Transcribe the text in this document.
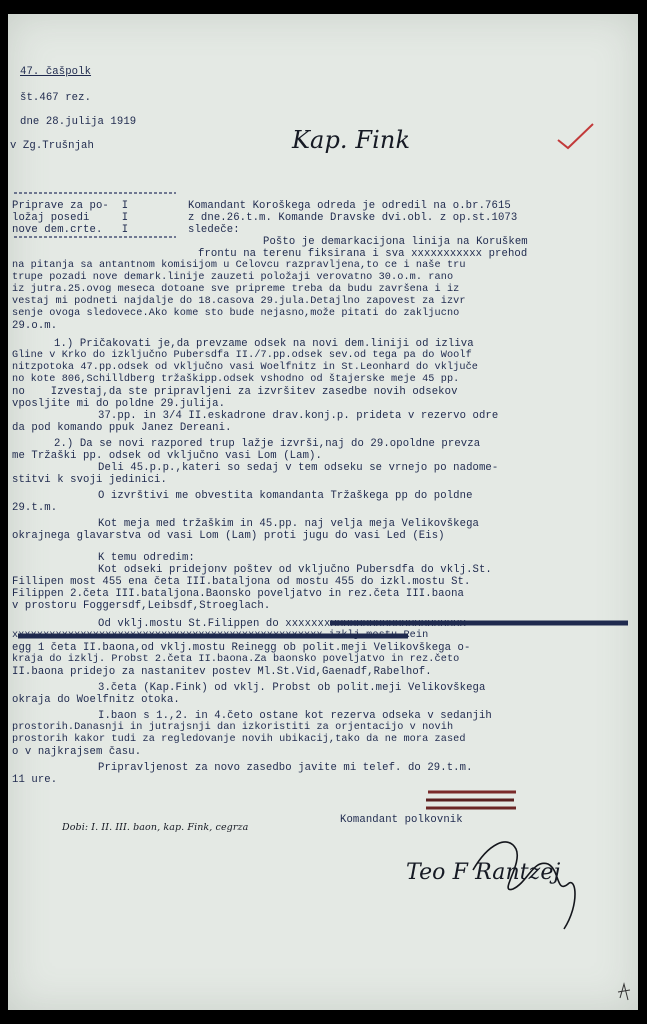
47. čašpolk
št.467 rez.
dne 28.julija 1919
v Zg.Trušnjah	Kap. Fink
Priprave za po-  I
ložaj posedi     I
nove dem.crte.   I
Komandant Koroškega odreda je odredil na o.br.7615
z dne.26.t.m. Komande Dravske dvi.obl. z op.st.1073
sledeče:
Pošto je demarkacijona linija na Koruškem
frontu na terenu fiksirana i sva xxxxxxxxxxx prehod
na pitanja sa antantnom komisijom u Celovcu razpravljena,to ce i naše tru
trupe pozadi nove demark.linije zauzeti položaji verovatno 30.o.m. rano
iz jutra.25.ovog meseca dotoane sve pripreme treba da budu završena i iz
vestaj mi podneti najdalje do 18.casova 29.jula.Detajlno zapovest za izvr
senje ovoga sledovece.Ako kome sto bude nejasno,može pitati do zakljucno
29.o.m.
1.) Pričakovati je,da prevzame odsek na novi dem.liniji od izliva
Gline v Krko do izključno Pubersdfa II./7.pp.odsek sev.od tega pa do Woolf
nitzpotoka 47.pp.odsek od vključno vasi Woelfnitz in St.Leonhard do vključe
no kote 806,Schilldberg tržaškipp.odsek vshodno od štajerske meje 45 pp.
no    Izvestaj,da ste pripravljeni za izvršitev zasedbe novih odsekov
vposljite mi do poldne 29.julija.
37.pp. in 3/4 II.eskadrone drav.konj.p. prideta v rezervo odre
da pod komando ppuk Janez Dereani.
2.) Da se novi razpored trup lažje izvrši,naj do 29.opoldne prevza
me Tržaški pp. odsek od vključno vasi Lom (Lam).
Deli 45.p.p.,kateri so sedaj v tem odseku se vrnejo po nadome-
stitvi k svoji jedinici.
O izvrštivi me obvestita komandanta Tržaškega pp do poldne
29.t.m.
Kot meja med tržaškim in 45.pp. naj velja meja Velikovškega
okrajnega glavarstva od vasi Lom (Lam) proti jugu do vasi Led (Eis)
K temu odredim:
Kot odseki pridejonv poštev od vključno Pubersdfa do vklj.St.
Fillipen most 455 ena četa III.bataljona od mostu 455 do izkl.mostu St.
Filippen 2.četa III.bataljona.Baonsko poveljatvo in rez.četa III.baona
v prostoru Foggersdf,Leibsdf,Stroeglach.
Od vklj.mostu St.Filippen do xxxxxxxxxxxxxxxxxxxxxxxxxxxx
xxxxxxxxxxxxxxxxxxxxxxxxxxxxxxxxxxxxxxxxxxxxxxxxxx izklj.mostu Rein
egg 1 četa II.baona,od vklj.mostu Reinegg ob polit.meji Velikovškega o-
kraja do izklj. Probst 2.četa II.baona.Za baonsko poveljatvo in rez.četo
II.baona pridejo za nastanitev postev Ml.St.Vid,Gaenadf,Rabelhof.
3.četa (Kap.Fink) od vklj. Probst ob polit.meji Velikovškega
okraja do Woelfnitz otoka.
I.baon s 1.,2. in 4.četo ostane kot rezerva odseka v sedanjih
prostorih.Danasnji in jutrajsnji dan izkoristiti za orjentacijo v novih
prostorih kakor tudi za regledovanje novih ubikacij,tako da ne mora zased
o v najkrajsem času.
Pripravljenost za novo zasedbo javite mi telef. do 29.t.m.
11 ure.
Dobi: I. II. III. baon, kap. Fink, cegrza
Komandant polkovnik
Teo F Rantzej
